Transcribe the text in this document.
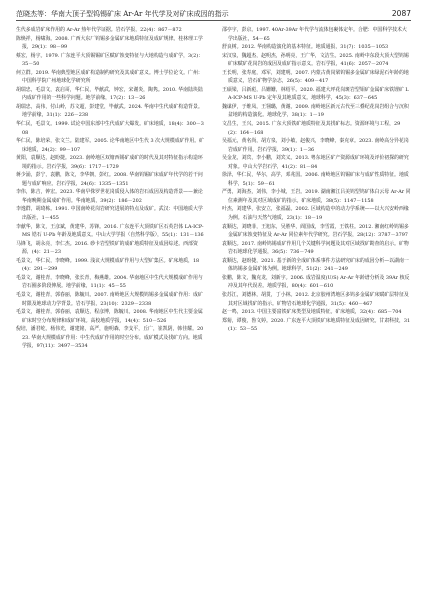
范晓杰等：华南大顶子型钨锡矿床 Ar-Ar 年代学及对矿床成因的指示	2087

生代多成岩矿床作用的 Ar-Ar 热年代学证据。岩石学报，22(4)：867－872

陈焕祥，杨啸海。2008. 广西大东厂钨锡多金属矿床地质特征及成矿规律。桂林理工学报，29(1)：98－99

蔡宏，杨宇。1979. 广东连平大顶锡锡矿区赋矿蚀变特征与大地构造与成矿学，3(2)：35－50

何立群。2019. 华南典型地区成矿构造制约研究及其成矿意义。博士学位论文。广州：中国科学院广州地球化学研究所

胡瑞忠，毛景文，袁启哥，华仁民，毕献武，钟宏，宋谢炎，陶隽。2010. 华南陆块陆内成矿作用的一些科学问题。地学前缘，17(2)：13－26

胡瑞忠，高伟，付山岭，苏文超，彭建堂，毕献武。2024. 华南中生代成矿构造背景。地学前缘，31(1)：226－238

华仁民，毛景文。1999. 试论中国东部中生代成矿大爆发。矿床地质，18(4)：300－308

华仁民，陈培荣，张文兰。陆建军。2005. 论华南地区中生代 3 次大规模成矿作用。矿床地质，24(2)：99－107

黄阳，袁顺达，赵盼捷。2023. 南岭地区双塘西锡矿成矿的时代及其对特征指示构造环境的指示。岩石学报，39(6)：1717－1729

蒋少涌，彭宁，袁鹏，陈文，李华朝，彭红。2008. 华南钨锡矿床成矿年代学的若干问题与成矿响应。岩石学报，24(6)：1335－1351

李伟，陈吉，钟宏。2023. 华南早侏罗世花岗质侵入体的岩石成因及构造背景——兼论华南晚期金属成矿作用。华南地质，39(2)：186－202

李逸群，胡琦栋。1991. 中国南岭花岗岩研究进展的特点及成矿。武汉：中国地质大学出版社，1－455

李献华，陈文，王彦斌，黄建华，苏锋。2016. 广东连平大顶铁矿区石英岩体 LA-ICP-MS 锆石 U-Pb 年龄及地质意义。中山大学学报（自然科学版），55(1)：131－136

马锋飞，胡永亮，李仁杰。2016. 砂卡岩型铁矿的成矿地质特征及成因综述。西部资源，(4)：21－23

毛景文，华仁民，李晓峰。1999. 浅议大规模成矿作用与大型矿集区。矿床地质，18(4)：291－299

毛景文，谢桂青，李晓峰，张长青，梅燕雄。2004. 华南地区中生代大规模成矿作用与岩石圈多阶段伸展。地学前缘，11(1)：45－55

毛景文，谢桂青，郭春丽，陈毓川。2007. 南岭地区大规模钨锡多金属成矿作用：成矿时限及地球动力学背景。岩石学报，23(10)：2329－2338

毛景文，谢桂青，郭春丽，袁顺达，程彦博，陈毓川。2008. 华南地区中生代主要金属矿床时空分布规律和成矿环境。高校地质学报，14(4)：510－526

倪培，潘君屹，杨伟光，谢建铭，高严，施明森，李支平，丘广，崔凯阴，韩佳耀。2023. 华南大规模成矿作用：中生代成矿作用的时空分布。成矿模式及找矿方向。地质学报，97(11)：3497－3534

邵亭宇，彭京。1997. 40Ar-39Ar 年代学与流体包裹体定年。合肥：中国科学技术大学出版社，54－65

舒良树。2012. 华南构造演化的基本特征。地质通报，31(7)：1035－1053

宋汉泉，魏超杰，赵明杰，孙明亮，王广华，文洁生。2025. 南岭中东段大顶大型钨锡矿床赋矿花岗岩的成因及成矿指示意义。岩石学报，41(6)：2057－2074

王长明，张寿庭，邓军，刘建明。2007. 内蒙古黄岗梁钨锡多金属矿床绿泥石年龄的地质意义，岩石矿物学杂志，26(5)：409－417

王硕梁，吕新彪，吕姗姗，林绍平。2020. 福建大坪花岗斑岩型钼矿金属矿床铁锂矿 LA-ICP-MS U-Pb 定年及其地质意义。地球科学，45(3)：637－645

魏谋伊，于维凤，王翎璐，黄谢。2009. 南岭地区新元古代至三叠纪花岗岩组合与沉积盆地的构造演化。地球化学，38(1)：1－19

文昌生，王兴。2015. 广东大顶铁矿地质特征及其找矿标志。资源环境与工程，29(2)：164－168

吴福元，黄名尚，胡方泉，刘小敏，赵俊兴，李晓峰，秦克章。2023. 南岭高分异花岗岩成矿作用。岩石学报，39(1)：1－36

吴金龙，刘宾，李小鹏，刘宾义。2013. 粤东地区矿产资源成矿环境及评价初探的研究对象。中山大学岩石学，41(2)：81－84

徐泽，华仁民，华尔，高学，邓兆国。2006. 南岭地区钨锡矿床与成矿性质特征。地质科学，5(1)：59－61

严勇，刘海杰，刘伟，李小城，王岩。2019. 湖南湘江吕美钨型钨矿体白云母 Ar-Ar 同位素测年及其对区域成矿的指示。矿床地质，38(5)：1147－1158

叶杰，刘建华，张安立，张福磊。2002. 区域构造中的动力学系统——以大兴安岭西缘为例。石油与天然气地质，23(1)：18－19

袁顺达，刘晓菲，王旭东，吴胜华，阎国成，李雪霞，王铁柱。2012. 湘南红岭钨锡多金属矿床蚀变特征及 Ar-Ar 同位素年代学研究。岩石学报，28(12)：3787－3797

袁顺达。2017. 南岭钨锡成矿作用几个关键科学问题及其对区域找矿勘查的启示。矿物岩石地球化学通报，36(5)：736－749

袁顺达，赵盼捷，2021. 基于新的全成矿体系事件方法研究矿床的成因分析—以湖南一体钨锡多金属矿体为例。地球科学，51(2)：241－249

张鹏，陈文，魏克龙，刘新宇。2006. 成岩温度(U/S) Ar-Ar 年龄谱分析及 39Ar 核反冲及其年代误差。地质学报，80(4)：601－610

张苏江，刘德林，胡贯，丁小林。2012. 北京胶州湾地区多钨多金属矿床赋矿层特征及其对区域找矿的指示。矿物岩石地球化学通报，31(5)：460－467

赵一鸣，2013. 中国主要富铁矿床类型及地质特征。矿床地质，32(4)：685－704

郑菊，谭俊，鲁文婷。2020. 广东连平大顶铁矿床地质特征及成因研究。甘肃科技，31(1)：53－55
